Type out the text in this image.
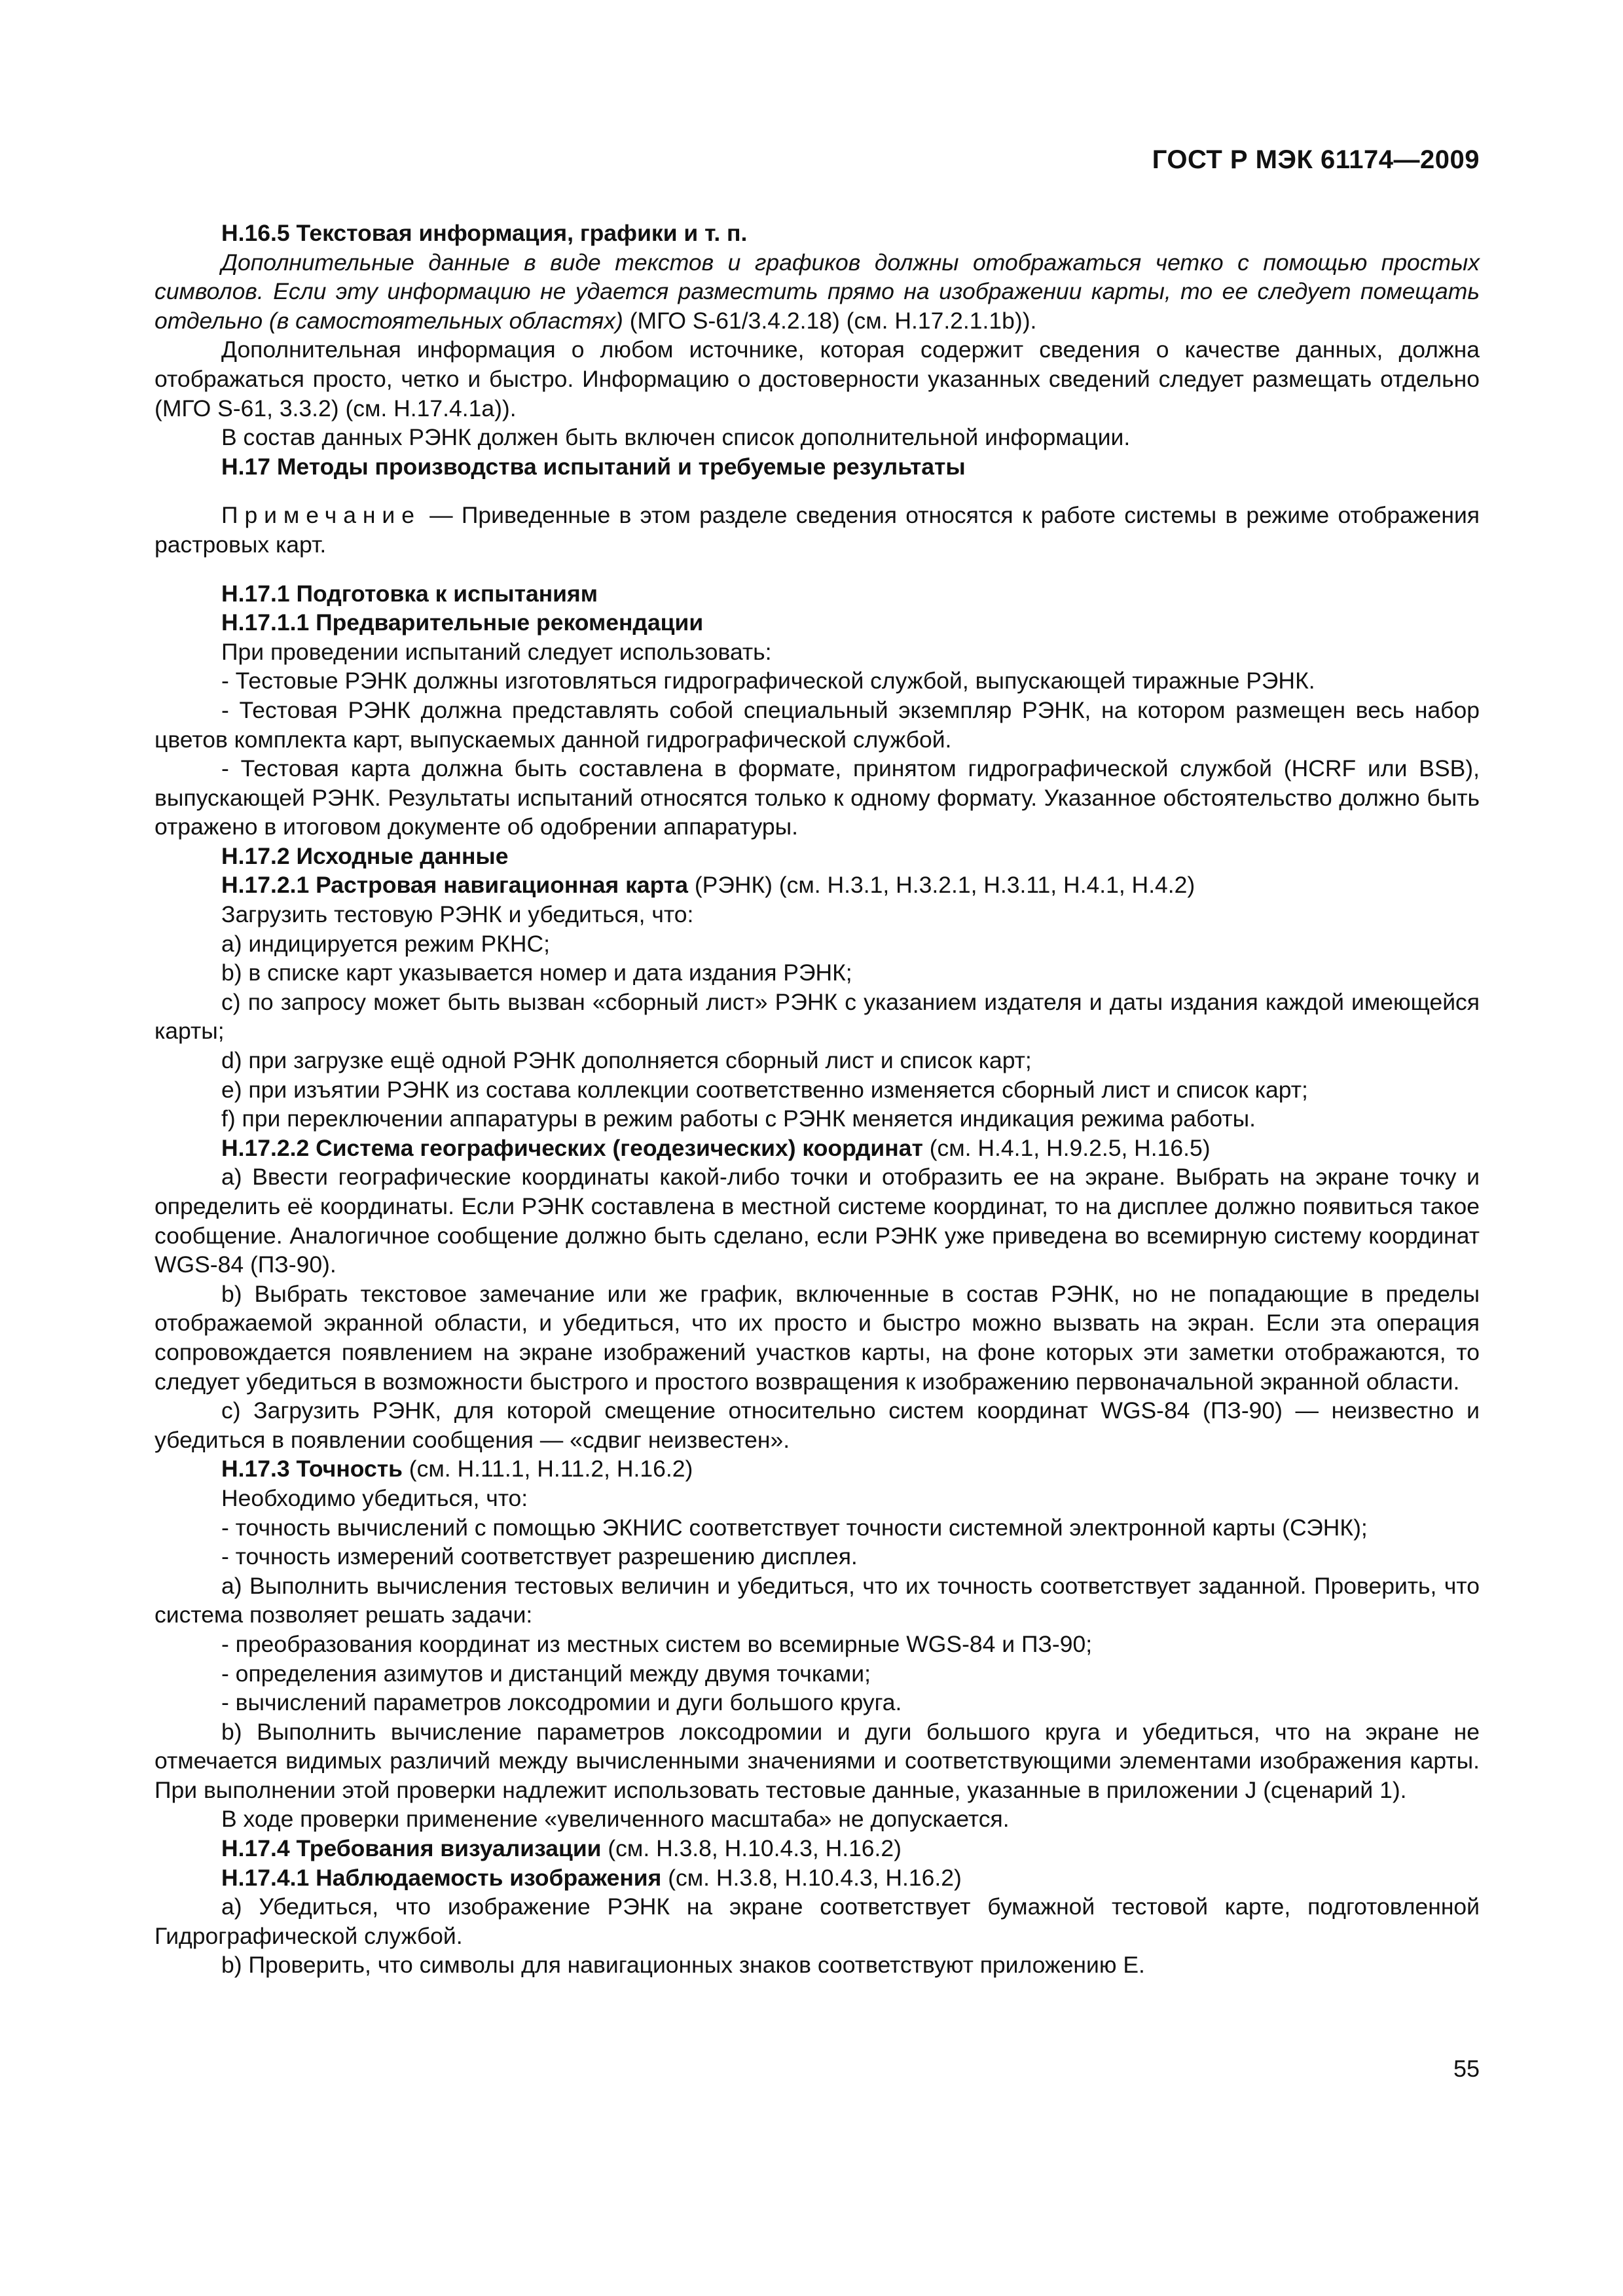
ГОСТ Р МЭК 61174—2009

H.16.5 Текстовая информация, графики и т. п.

Дополнительные данные в виде текстов и графиков должны отображаться четко с помощью простых символов. Если эту информацию не удается разместить прямо на изображении карты, то ее следует помещать отдельно (в самостоятельных областях) (МГО S-61/3.4.2.18) (см. H.17.2.1.1b)).

Дополнительная информация о любом источнике, которая содержит сведения о качестве данных, должна отображаться просто, четко и быстро. Информацию о достоверности указанных сведений следует размещать отдельно (МГО S-61, 3.3.2) (см. H.17.4.1a)).

В состав данных РЭНК должен быть включен список дополнительной информации.

H.17 Методы производства испытаний и требуемые результаты

Примечание — Приведенные в этом разделе сведения относятся к работе системы в режиме отображения растровых карт.

H.17.1 Подготовка к испытаниям

H.17.1.1 Предварительные рекомендации

При проведении испытаний следует использовать:

- Тестовые РЭНК должны изготовляться гидрографической службой, выпускающей тиражные РЭНК.

- Тестовая РЭНК должна представлять собой специальный экземпляр РЭНК, на котором размещен весь набор цветов комплекта карт, выпускаемых данной гидрографической службой.

- Тестовая карта должна быть составлена в формате, принятом гидрографической службой (HCRF или BSB), выпускающей РЭНК. Результаты испытаний относятся только к одному формату. Указанное обстоятельство должно быть отражено в итоговом документе об одобрении аппаратуры.

H.17.2 Исходные данные

H.17.2.1 Растровая навигационная карта (РЭНК) (см. H.3.1, H.3.2.1, H.3.11, H.4.1, H.4.2)

Загрузить тестовую РЭНК и убедиться, что:

a) индицируется режим РКНС;

b) в списке карт указывается номер и дата издания РЭНК;

c) по запросу может быть вызван «сборный лист» РЭНК с указанием издателя и даты издания каждой имеющейся карты;

d) при загрузке ещё одной РЭНК дополняется сборный лист и список карт;

e) при изъятии РЭНК из состава коллекции соответственно изменяется сборный лист и список карт;

f) при переключении аппаратуры в режим работы с РЭНК меняется индикация режима работы.

H.17.2.2 Система географических (геодезических) координат (см. H.4.1, H.9.2.5, H.16.5)

a) Ввести географические координаты какой-либо точки и отобразить ее на экране. Выбрать на экране точку и определить её координаты. Если РЭНК составлена в местной системе координат, то на дисплее должно появиться такое сообщение. Аналогичное сообщение должно быть сделано, если РЭНК уже приведена во всемирную систему координат WGS-84 (ПЗ-90).

b) Выбрать текстовое замечание или же график, включенные в состав РЭНК, но не попадающие в пределы отображаемой экранной области, и убедиться, что их просто и быстро можно вызвать на экран. Если эта операция сопровождается появлением на экране изображений участков карты, на фоне которых эти заметки отображаются, то следует убедиться в возможности быстрого и простого возвращения к изображению первоначальной экранной области.

c) Загрузить РЭНК, для которой смещение относительно систем координат WGS-84 (ПЗ-90) — неизвестно и убедиться в появлении сообщения — «сдвиг неизвестен».

H.17.3 Точность (см. H.11.1, H.11.2, H.16.2)

Необходимо убедиться, что:

- точность вычислений с помощью ЭКНИС соответствует точности системной электронной карты (СЭНК);

- точность измерений соответствует разрешению дисплея.

a) Выполнить вычисления тестовых величин и убедиться, что их точность соответствует заданной. Проверить, что система позволяет решать задачи:

- преобразования координат из местных систем во всемирные WGS-84 и ПЗ-90;

- определения азимутов и дистанций между двумя точками;

- вычислений параметров локсодромии и дуги большого круга.

b) Выполнить вычисление параметров локсодромии и дуги большого круга и убедиться, что на экране не отмечается видимых различий между вычисленными значениями и соответствующими элементами изображения карты. При выполнении этой проверки надлежит использовать тестовые данные, указанные в приложении J (сценарий 1).

В ходе проверки применение «увеличенного масштаба» не допускается.

H.17.4 Требования визуализации (см. H.3.8, H.10.4.3, H.16.2)

H.17.4.1 Наблюдаемость изображения (см. H.3.8, H.10.4.3, H.16.2)

a) Убедиться, что изображение РЭНК на экране соответствует бумажной тестовой карте, подготовленной Гидрографической службой.

b) Проверить, что символы для навигационных знаков соответствуют приложению E.

55
